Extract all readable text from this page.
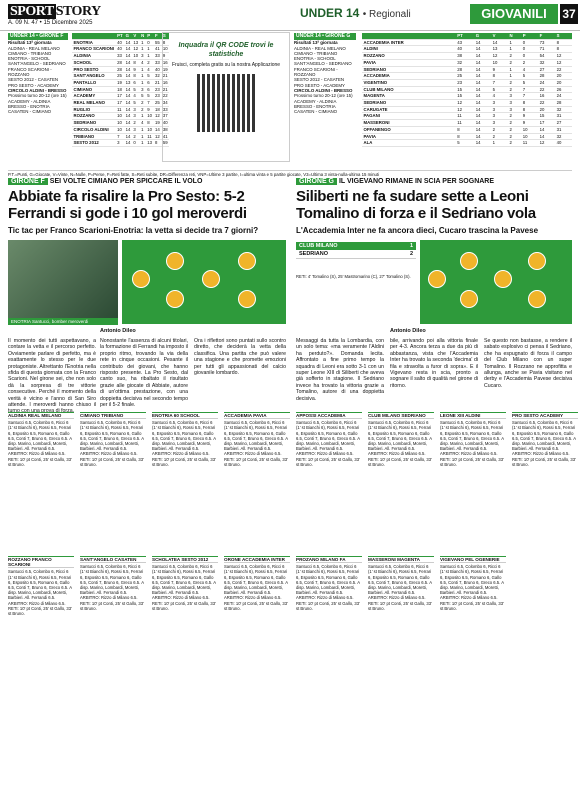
SPORT STORY
A. 09 N. 47 • 15 Dicembre 2025
UNDER 14 • Regionali	GIOVANILI	37
UNDER 14 • GIRONE F
Risultati 13ª giornata
ALDINIA - REAL MELANO
CIMIANO - TRIBIANO
ENOTRIA - SCHOOL
SANT'ANGELO - SEDRIANO
FRANCO SCARIONI - ROZZANO
SESTO 2012 - CASATEN
PRO SESTO - ACADEMY
CIRCOLO ALDINI - BRESSO
Prossimo turno 20-12 (ore 15)
ACADEMY - ALDINIA
BRESSO - ENOTRIA
CASATEN - CIMIANO
	PT	G	V	N	P	F	S
ENOTRIA	40	14	13	1	0	55	8
FRANCO SCARIONI	40	14	12	1	1	41	10
ALDINIA	33	14	10	3	1	33	9
SCHOOL	28	14	8	4	2	33	16
PRO SESTO	28	14	9	1	4	40	19
SANT'ANGELO	25	14	8	1	5	32	21
PANTALLO	19	13	6	1	6	21	16
CIMIANO	18	14	5	3	6	23	21
ACADEMY	17	14	4	5	5	23	22
REAL MELANO	17	14	5	2	7	25	34
RUGLIO	11	14	3	2	9	18	33
ROZZANO	10	14	3	1	10	12	37
SEDRIANO	10	14	2	4	8	19	40
CIRCOLO ALDINI	10	14	3	1	10	14	38
TRIBIANO	7	14	2	1	11	12	41
SESTO 2012	3	14	0	1	13	8	59
Inquadra il QR CODE trovi le statistiche
Fruisci, completa gratis su la nostra Applicazione
UNDER 14 • GIRONE G
Risultati 13ª giornata
ALDINIA - REAL MELANO
CIMIANO - TRIBIANO
ENOTRIA - SCHOOL
SANT'ANGELO - SEDRIANO
FRANCO SCARIONI - ROZZANO
SESTO 2012 - CASATEN
PRO SESTO - ACADEMY
CIRCOLO ALDINI - BRESSO
Prossimo turno 20-12 (ore 15)
ACADEMY - ALDINIA
BRESSO - ENOTRIA
CASATEN - CIMIANO
	PT	G	V	N	P	F	S
ACCADEMIA INTER	43	14	14	1	0	73	8
ALDINI	40	14	13	1	0	71	8
ROZZANO	38	14	12	2	0	54	12
PAVIA	32	14	10	2	2	32	12
SEDRIANO	28	14	9	1	4	27	22
ACCADEMIA	25	14	8	1	5	28	20
VIGENTINO	23	14	7	2	5	24	20
CLUB MILANO	15	14	5	2	7	22	26
MAGENTA	15	14	4	3	7	16	24
SEDRIANO	12	14	3	3	8	22	28
CARUGATE	12	14	3	3	8	20	32
PAGANI	11	14	3	2	9	15	31
MASSERONI	11	14	3	2	9	17	27
OFFANENGO	8	14	2	2	10	14	31
PAVIA	8	14	2	2	10	14	32
ALA	5	14	1	2	11	12	40
P.T.=Punti, G=Giocate, V=Vinte, N=Nulle, P=Perse, F=Reti fatte, S=Reti subite, DR=Differenza reti, VNP=Ultime 3 partite, I=ultima vinta e 5 partite giocate, V3=Ultima 3 vinta-nulla-ultima 15 minuti
GIRONE F SEI VOLTE CIMIANO PER SPICCARE IL VOLO
Abbiate fa risalire la Pro Sesto: 5-2 Ferrandi si gode i 10 gol meroverdi
Tic tac per Franco Scarioni-Enotria: la vetta si decide tra 7 giorni?
ENOTRIA Santucci, bomber meroverdi
Antonio Dileo
Il momento dei tutti aspettavano, a contare la vetta e il percorso perfetto. Ovviamente parlare di perfetto, ma è esattamente lo stesso per le due protagoniste. Altrettanto l'Enotria nella sfida di questa giornata con la Franco Scarioni. Nel girone sei, che non solo dà la sorpresa di tre vittorie consecutive. Perché il momento della verità è vicino e l'anno di San Siro attende. I meroverdi hanno chiuso il turno con una prova di forza.
Nonostante l'assenza di alcuni titolari, la formazione di Ferrandi ha imposto il proprio ritmo, trovando la via della rete in cinque occasioni. Pesante il contributo dei giovani, che hanno risposto presente. La Pro Sesto, dal canto suo, ha ribaltato il risultato grazie alle giocate di Abbiate, autore di un'ottima prestazione, con una doppietta decisiva nel secondo tempo per il 5-2 finale.
Ora i riflettori sono puntati sullo scontro diretto, che deciderà la vetta della classifica. Una partita che può valere una stagione e che promette emozioni per tutti gli appassionati del calcio giovanile lombardo.
GIRONE G IL VIGEVANO RIMANE IN SCIA PER SOGNARE
Siliberti ne fa sudare sette a Leoni Tomalino di forza e il Sedriano vola
L'Accademia Inter ne fa ancora dieci, Cucaro trascina la Pavese
CLUB MILANO	1
SEDRIANO	2
RETI: 4' Tomalino (S), 25' Mastromarino (C), 27' Tomalino (S).
Antonio Dileo
Messaggi da tutta la Lombardia, con un solo tema: «ma veramente l'Aldini ha perduto?». Domanda lecita. Affrontato a fine primo tempo la squadra di Leoni era sotto 3-1 con un super Leone XIII di Siliberti che aveva già sofferto in stagione. Il Sedriano invece ha trovato la vittoria grazie a Tomalino, autore di una doppietta decisiva.
bile, arrivando poi alla vittoria finale per 4-3. Ancora terza a due da più di abbastanza, vista che l'Accademia Inter ha trovato la seconda 'decima' di fila e stravolta a furor di sopra». E il Vigevano resta in scia, pronto a sognare il salto di qualità nel girone di ritorno.
Se questo non bastasse, a rendere il sabato esplosivo ci pensa il Sedriano, che ha espugnato di forza il campo del Club Milano con un super Tomalino. Il Rozzano ne approfitta e allunga, anche se Pavia visitano nel derby e l'Accademia Pavese decisiva Cucaro.
ALDINIA REAL MELANO
Santucci 6.5, Colombo 6, Ricci 6 (1' st Bianchi 6), Rossi 6.5, Ferrari 6, Esposito 6.5, Romano 6, Gallo 6.5, Conti 7, Bruno 6, Greco 6.5. A disp. Marino, Lombardi, Moretti, Barbieri. All. Ferrandi 6.5. ARBITRO: Rizzo di Milano 6.5. RETI: 10' pt Conti, 25' st Gallo, 33' st Bruno.
CIMIANO TRIBIANO
Santucci 6.5, Colombo 6, Ricci 6 (1' st Bianchi 6), Rossi 6.5, Ferrari 6, Esposito 6.5, Romano 6, Gallo 6.5, Conti 7, Bruno 6, Greco 6.5. A disp. Marino, Lombardi, Moretti, Barbieri. All. Ferrandi 6.5. ARBITRO: Rizzo di Milano 6.5. RETI: 10' pt Conti, 25' st Gallo, 33' st Bruno.
ENOTRIA 60 SCHOOL
Santucci 6.5, Colombo 6, Ricci 6 (1' st Bianchi 6), Rossi 6.5, Ferrari 6, Esposito 6.5, Romano 6, Gallo 6.5, Conti 7, Bruno 6, Greco 6.5. A disp. Marino, Lombardi, Moretti, Barbieri. All. Ferrandi 6.5. ARBITRO: Rizzo di Milano 6.5. RETI: 10' pt Conti, 25' st Gallo, 33' st Bruno.
ACCADEMIA PAVIA
Santucci 6.5, Colombo 6, Ricci 6 (1' st Bianchi 6), Rossi 6.5, Ferrari 6, Esposito 6.5, Romano 6, Gallo 6.5, Conti 7, Bruno 6, Greco 6.5. A disp. Marino, Lombardi, Moretti, Barbieri. All. Ferrandi 6.5. ARBITRO: Rizzo di Milano 6.5. RETI: 10' pt Conti, 25' st Gallo, 33' st Bruno.
APPOSSI ACCADEMIA
Santucci 6.5, Colombo 6, Ricci 6 (1' st Bianchi 6), Rossi 6.5, Ferrari 6, Esposito 6.5, Romano 6, Gallo 6.5, Conti 7, Bruno 6, Greco 6.5. A disp. Marino, Lombardi, Moretti, Barbieri. All. Ferrandi 6.5. ARBITRO: Rizzo di Milano 6.5. RETI: 10' pt Conti, 25' st Gallo, 33' st Bruno.
CLUB MILANO SEDRIANO
Santucci 6.5, Colombo 6, Ricci 6 (1' st Bianchi 6), Rossi 6.5, Ferrari 6, Esposito 6.5, Romano 6, Gallo 6.5, Conti 7, Bruno 6, Greco 6.5. A disp. Marino, Lombardi, Moretti, Barbieri. All. Ferrandi 6.5. ARBITRO: Rizzo di Milano 6.5. RETI: 10' pt Conti, 25' st Gallo, 33' st Bruno.
LEONE XIII ALDINI
Santucci 6.5, Colombo 6, Ricci 6 (1' st Bianchi 6), Rossi 6.5, Ferrari 6, Esposito 6.5, Romano 6, Gallo 6.5, Conti 7, Bruno 6, Greco 6.5. A disp. Marino, Lombardi, Moretti, Barbieri. All. Ferrandi 6.5. ARBITRO: Rizzo di Milano 6.5. RETI: 10' pt Conti, 25' st Gallo, 33' st Bruno.
PRO SESTO ACADEMY
Santucci 6.5, Colombo 6, Ricci 6 (1' st Bianchi 6), Rossi 6.5, Ferrari 6, Esposito 6.5, Romano 6, Gallo 6.5, Conti 7, Bruno 6, Greco 6.5. A disp. Marino, Lombardi, Moretti, Barbieri. All. Ferrandi 6.5. ARBITRO: Rizzo di Milano 6.5. RETI: 10' pt Conti, 25' st Gallo, 33' st Bruno.
ROZZANO FRANCO SCARIONI
Santucci 6.5, Colombo 6, Ricci 6 (1' st Bianchi 6), Rossi 6.5, Ferrari 6, Esposito 6.5, Romano 6, Gallo 6.5, Conti 7, Bruno 6, Greco 6.5. A disp. Marino, Lombardi, Moretti, Barbieri. All. Ferrandi 6.5. ARBITRO: Rizzo di Milano 6.5. RETI: 10' pt Conti, 25' st Gallo, 33' st Bruno.
SANT'ANGELO CASATEN
Santucci 6.5, Colombo 6, Ricci 6 (1' st Bianchi 6), Rossi 6.5, Ferrari 6, Esposito 6.5, Romano 6, Gallo 6.5, Conti 7, Bruno 6, Greco 6.5. A disp. Marino, Lombardi, Moretti, Barbieri. All. Ferrandi 6.5. ARBITRO: Rizzo di Milano 6.5. RETI: 10' pt Conti, 25' st Gallo, 33' st Bruno.
SCHOLATEA SESTO 2012
Santucci 6.5, Colombo 6, Ricci 6 (1' st Bianchi 6), Rossi 6.5, Ferrari 6, Esposito 6.5, Romano 6, Gallo 6.5, Conti 7, Bruno 6, Greco 6.5. A disp. Marino, Lombardi, Moretti, Barbieri. All. Ferrandi 6.5. ARBITRO: Rizzo di Milano 6.5. RETI: 10' pt Conti, 25' st Gallo, 33' st Bruno.
ORONE ACCADEMIA INTER
Santucci 6.5, Colombo 6, Ricci 6 (1' st Bianchi 6), Rossi 6.5, Ferrari 6, Esposito 6.5, Romano 6, Gallo 6.5, Conti 7, Bruno 6, Greco 6.5. A disp. Marino, Lombardi, Moretti, Barbieri. All. Ferrandi 6.5. ARBITRO: Rizzo di Milano 6.5. RETI: 10' pt Conti, 25' st Gallo, 33' st Bruno.
PROZANO MILANO FA
Santucci 6.5, Colombo 6, Ricci 6 (1' st Bianchi 6), Rossi 6.5, Ferrari 6, Esposito 6.5, Romano 6, Gallo 6.5, Conti 7, Bruno 6, Greco 6.5. A disp. Marino, Lombardi, Moretti, Barbieri. All. Ferrandi 6.5. ARBITRO: Rizzo di Milano 6.5. RETI: 10' pt Conti, 25' st Gallo, 33' st Bruno.
MASSERONI MAGENTA
Santucci 6.5, Colombo 6, Ricci 6 (1' st Bianchi 6), Rossi 6.5, Ferrari 6, Esposito 6.5, Romano 6, Gallo 6.5, Conti 7, Bruno 6, Greco 6.5. A disp. Marino, Lombardi, Moretti, Barbieri. All. Ferrandi 6.5. ARBITRO: Rizzo di Milano 6.5. RETI: 10' pt Conti, 25' st Gallo, 33' st Bruno.
VIGEVANO PEL OGENERIE
Santucci 6.5, Colombo 6, Ricci 6 (1' st Bianchi 6), Rossi 6.5, Ferrari 6, Esposito 6.5, Romano 6, Gallo 6.5, Conti 7, Bruno 6, Greco 6.5. A disp. Marino, Lombardi, Moretti, Barbieri. All. Ferrandi 6.5. ARBITRO: Rizzo di Milano 6.5. RETI: 10' pt Conti, 25' st Gallo, 33' st Bruno.
